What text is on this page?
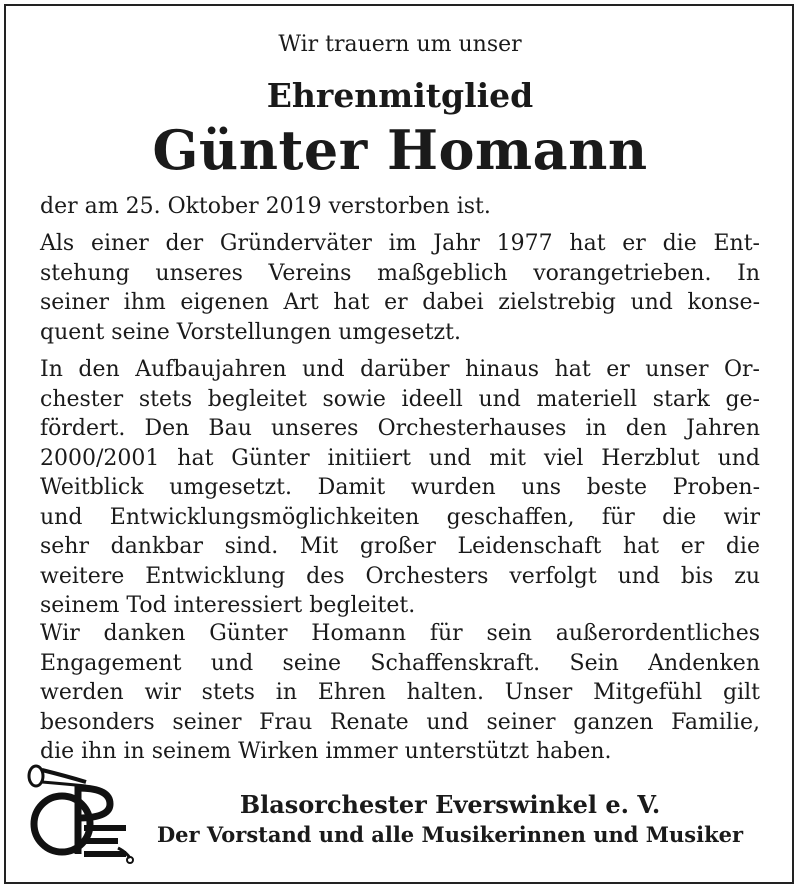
Wir trauern um unser
Ehrenmitglied
Günter Homann
der am 25. Oktober 2019 verstorben ist.

Als einer der Gründerväter im Jahr 1977 hat er die Ent-
stehung unseres Vereins maßgeblich vorangetrieben. In
seiner ihm eigenen Art hat er dabei zielstrebig und konse-
quent seine Vorstellungen umgesetzt.

In den Aufbaujahren und darüber hinaus hat er unser Or-
chester stets begleitet sowie ideell und materiell stark ge-
fördert. Den Bau unseres Orchesterhauses in den Jahren
2000/2001 hat Günter initiiert und mit viel Herzblut und
Weitblick umgesetzt. Damit wurden uns beste Proben-
und Entwicklungsmöglichkeiten geschaffen, für die wir
sehr dankbar sind. Mit großer Leidenschaft hat er die
weitere Entwicklung des Orchesters verfolgt und bis zu
seinem Tod interessiert begleitet.

Wir danken Günter Homann für sein außerordentliches
Engagement und seine Schaffenskraft. Sein Andenken
werden wir stets in Ehren halten. Unser Mitgefühl gilt
besonders seiner Frau Renate und seiner ganzen Familie,
die ihn in seinem Wirken immer unterstützt haben.

Blasorchester Everswinkel e. V.
Der Vorstand und alle Musikerinnen und Musiker
